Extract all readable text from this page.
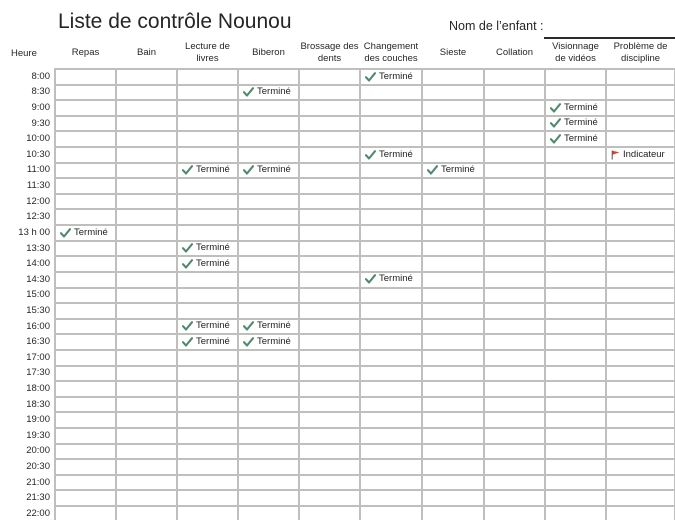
Liste de contrôle Nounou	Nom de l’enfant :
Heure	Repas	Bain	Lecture de
livres	Biberon	Brossage des
dents	Changement
des couches	Sieste	Collation	Visionnage
de vidéos	Problème de
discipline
8:00						Terminé				

8:30				Terminé						

9:00									Terminé	

9:30									Terminé	

10:00									Terminé	

10:30						Terminé				Indicateur

11:00			Terminé	Terminé			Terminé			

11:30										
12:00										
12:30										
13 h 00	Terminé									

13:30			Terminé							

14:00			Terminé							

14:30						Terminé				

15:00										
15:30										
16:00			Terminé	Terminé						

16:30			Terminé	Terminé						

17:00										
17:30										
18:00										
18:30										
19:00										
19:30										
20:00										
20:30										
21:00										
21:30										
22:00										
